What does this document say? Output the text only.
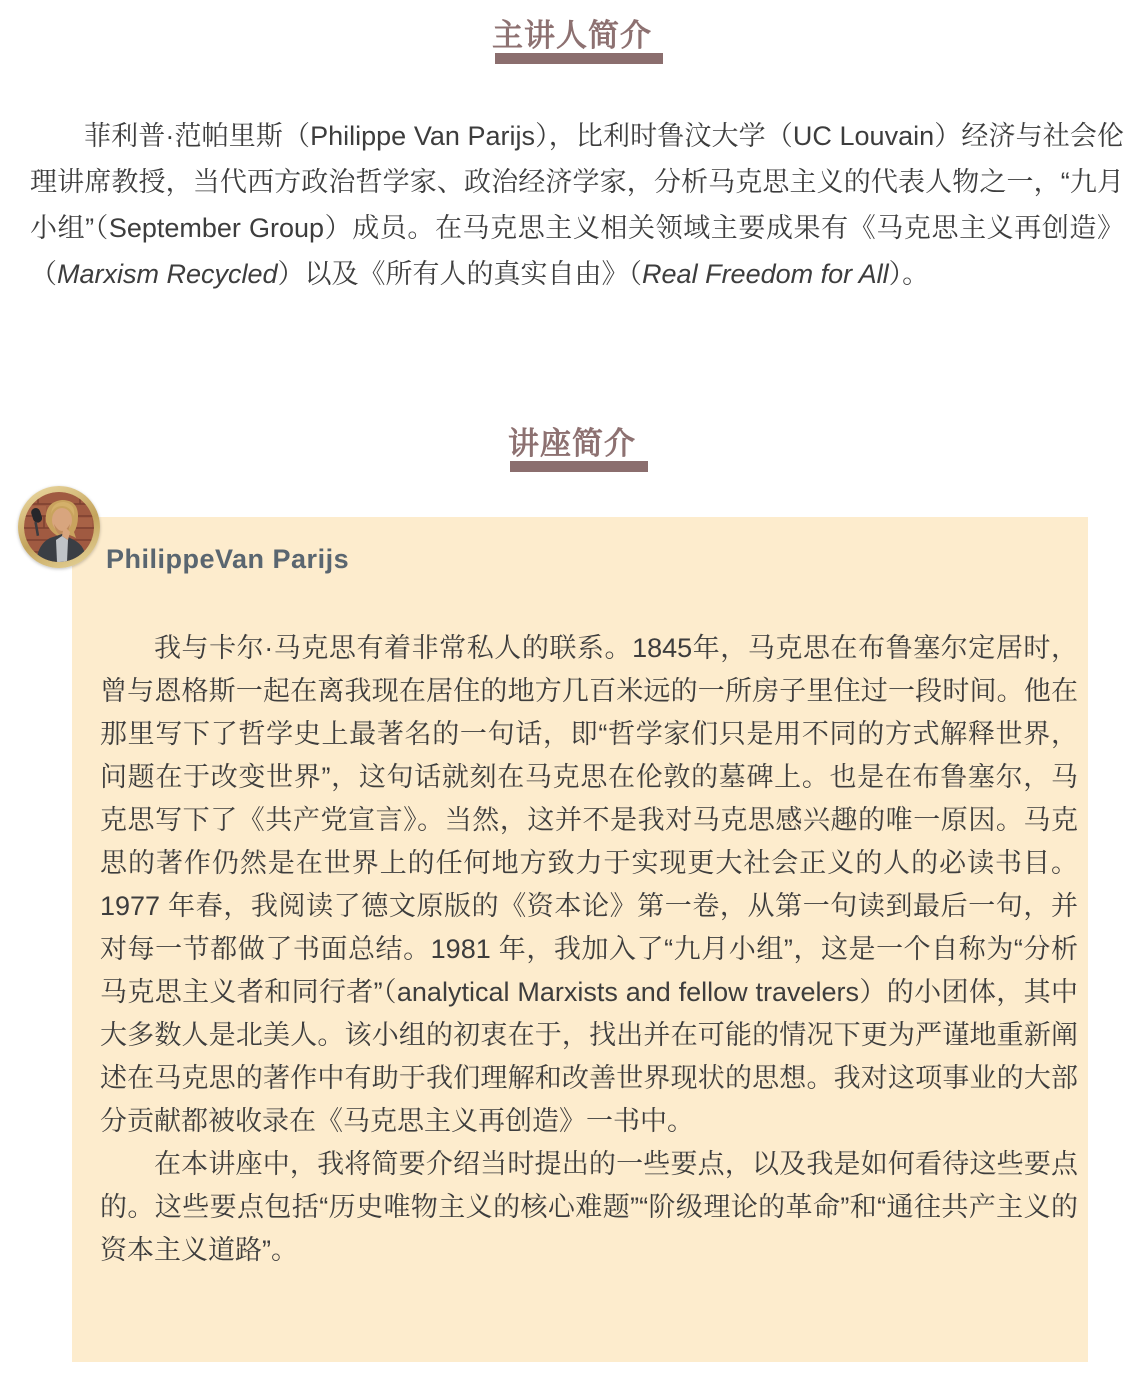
主讲人简介

菲利普·范帕里斯（Philippe Van Parijs），比利时鲁汶大学（UC Louvain）经济与社会伦理讲席教授，当代西方政治哲学家、政治经济学家，分析马克思主义的代表人物之一，“九月小组”（September Group）成员。在马克思主义相关领域主要成果有《马克思主义再创造》（Marxism Recycled）以及《所有人的真实自由》（Real Freedom for All）。

讲座简介

我与卡尔·马克思有着非常私人的联系。1845年，马克思在布鲁塞尔定居时，曾与恩格斯一起在离我现在居住的地方几百米远的一所房子里住过一段时间。他在那里写下了哲学史上最著名的一句话，即“哲学家们只是用不同的方式解释世界，问题在于改变世界”，这句话就刻在马克思在伦敦的墓碑上。也是在布鲁塞尔，马克思写下了《共产党宣言》。当然，这并不是我对马克思感兴趣的唯一原因。马克思的著作仍然是在世界上的任何地方致力于实现更大社会正义的人的必读书目。1977 年春，我阅读了德文原版的《资本论》第一卷，从第一句读到最后一句，并对每一节都做了书面总结。1981 年，我加入了“九月小组”，这是一个自称为“分析马克思主义者和同行者”（analytical Marxists and fellow travelers）的小团体，其中大多数人是北美人。该小组的初衷在于，找出并在可能的情况下更为严谨地重新阐述在马克思的著作中有助于我们理解和改善世界现状的思想。我对这项事业的大部分贡献都被收录在《马克思主义再创造》一书中。

在本讲座中，我将简要介绍当时提出的一些要点，以及我是如何看待这些要点的。这些要点包括“历史唯物主义的核心难题”“阶级理论的革命”和“通往共产主义的资本主义道路”。

PhilippeVan Parijs
